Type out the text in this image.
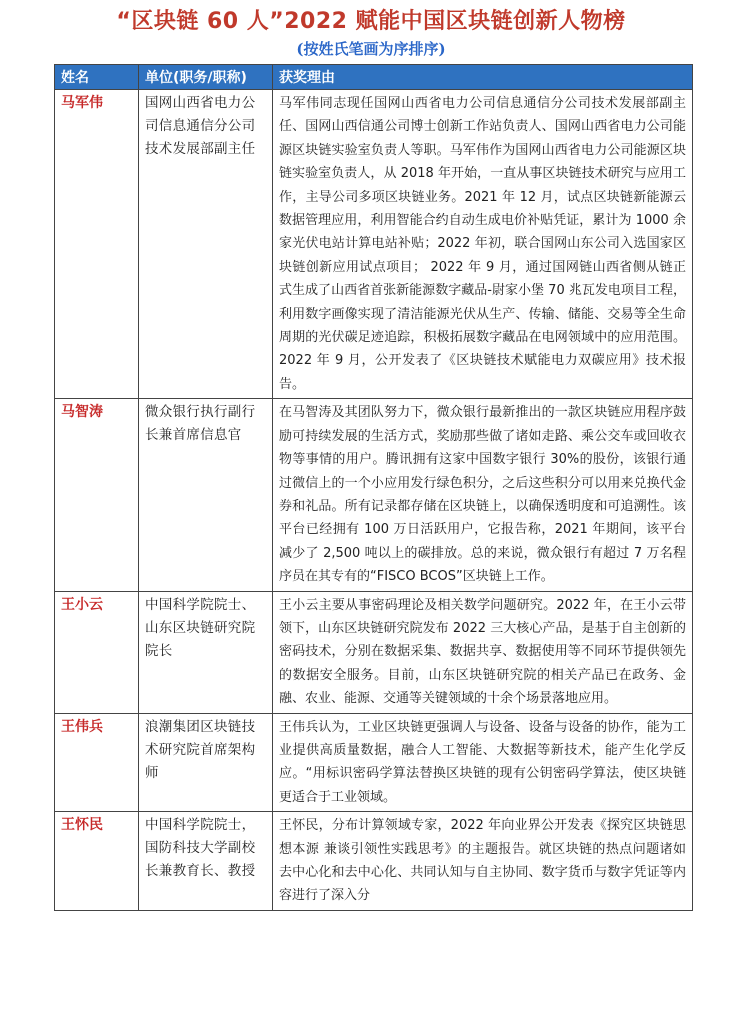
“区块链 60 人”2022 赋能中国区块链创新人物榜
(按姓氏笔画为序排序)
姓名	单位(职务/职称)	获奖理由
马军伟	国网山西省电力公司信息通信分公司技术发展部副主任	马军伟同志现任国网山西省电力公司信息通信分公司技术发展部副主任、国网山西信通公司博士创新工作站负责人、国网山西省电力公司能源区块链实验室负责人等职。马军伟作为国网山西省电力公司能源区块链实验室负责人，从 2018 年开始，一直从事区块链技术研究与应用工作，主导公司多项区块链业务。2021 年 12 月，试点区块链新能源云数据管理应用，利用智能合约自动生成电价补贴凭证，累计为 1000 余家光伏电站计算电站补贴；2022 年初，联合国网山东公司入选国家区块链创新应用试点项目； 2022 年 9 月，通过国网链山西省侧从链正式生成了山西省首张新能源数字藏品-尉家小堡 70 兆瓦发电项目工程，利用数字画像实现了清洁能源光伏从生产、传输、储能、交易等全生命周期的光伏碳足迹追踪，积极拓展数字藏品在电网领域中的应用范围。2022 年 9 月，公开发表了《区块链技术赋能电力双碳应用》技术报告。
马智涛	微众银行执行副行长兼首席信息官	在马智涛及其团队努力下，微众银行最新推出的一款区块链应用程序鼓励可持续发展的生活方式，奖励那些做了诸如走路、乘公交车或回收衣物等事情的用户。腾讯拥有这家中国数字银行 30%的股份，该银行通过微信上的一个小应用发行绿色积分，之后这些积分可以用来兑换代金券和礼品。所有记录都存储在区块链上，以确保透明度和可追溯性。该平台已经拥有 100 万日活跃用户，它报告称，2021 年期间，该平台减少了 2,500 吨以上的碳排放。总的来说，微众银行有超过 7 万名程序员在其专有的“FISCO BCOS”区块链上工作。
王小云	中国科学院院士、山东区块链研究院院长	王小云主要从事密码理论及相关数学问题研究。2022 年，在王小云带领下，山东区块链研究院发布 2022 三大核心产品，是基于自主创新的密码技术，分别在数据采集、数据共享、数据使用等不同环节提供领先的数据安全服务。目前，山东区块链研究院的相关产品已在政务、金融、农业、能源、交通等关键领域的十余个场景落地应用。
王伟兵	浪潮集团区块链技术研究院首席架构师	王伟兵认为，工业区块链更强调人与设备、设备与设备的协作，能为工业提供高质量数据，融合人工智能、大数据等新技术，能产生化学反应。“用标识密码学算法替换区块链的现有公钥密码学算法，使区块链更适合于工业领域。
王怀民	中国科学院院士，国防科技大学副校长兼教育长、教授	王怀民，分布计算领域专家，2022 年向业界公开发表《探究区块链思想本源 兼谈引领性实践思考》的主题报告。就区块链的热点问题诸如去中心化和去中心化、共同认知与自主协同、数字货币与数字凭证等内容进行了深入分
